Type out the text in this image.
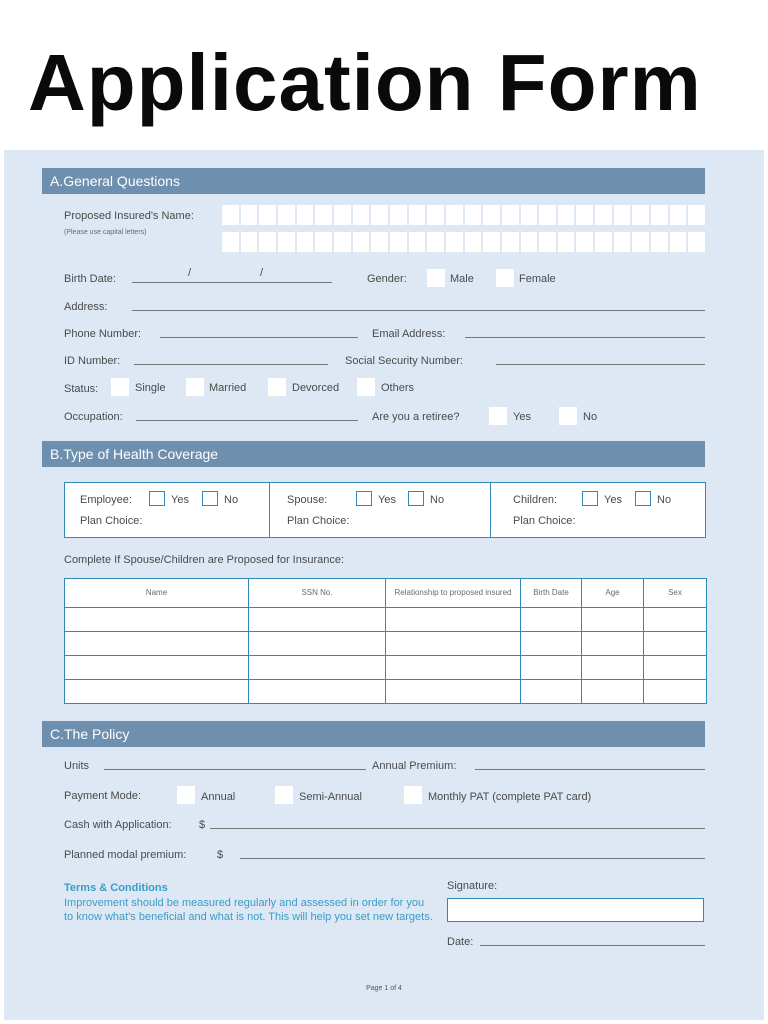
Application Form
A.General Questions
Proposed Insured's Name:
(Please use capital letters)
Birth Date:	/	/	Gender:	Male	Female
Address:
Phone Number:	Email Address:
ID Number:	Social Security Number:
Status:	Single	Married	Devorced	Others
Occupation:	Are you a retiree?	Yes	No
B.Type of Health Coverage
Employee:	Yes	No
Plan Choice:
Spouse:	Yes	No
Plan Choice:
Children:	Yes	No
Plan Choice:
Complete If Spouse/Children are Proposed for Insurance:
Name	SSN No.	Relationship to proposed insured	Birth Date	Age	Sex

C.The Policy
Units	Annual Premium:
Payment Mode:	Annual	Semi-Annual	Monthly PAT (complete PAT card)
Cash with Application: $
Planned modal premium:	$
Terms & Conditions
Improvement should be measured regularly and assessed in order for you to know what's beneficial and what is not. This will help you set new targets.
Signature:
Date:
Page 1 of 4
